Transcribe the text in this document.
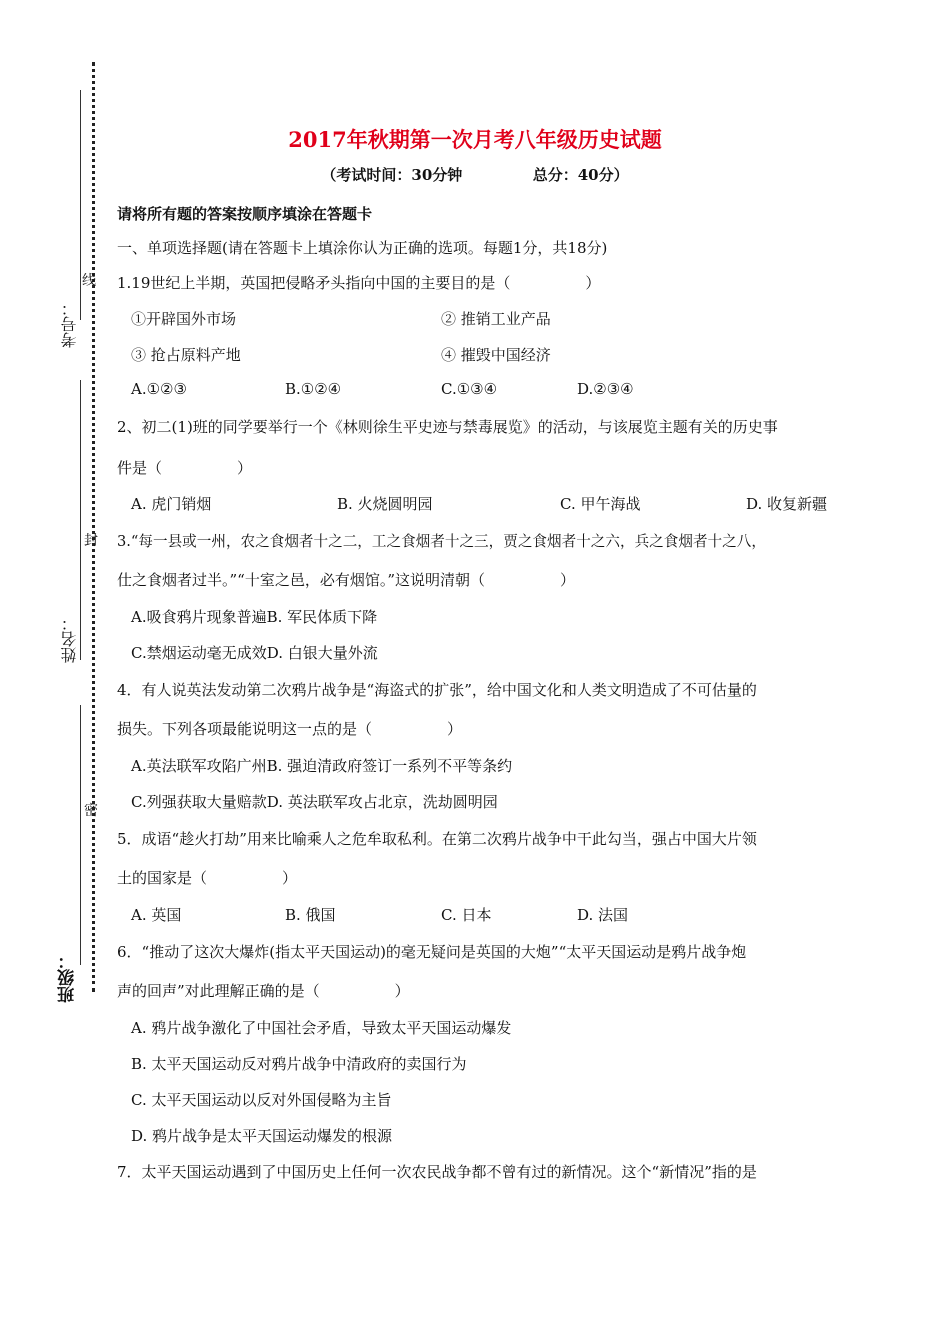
考号：
线
姓名：
封
班级：
密
2017年秋期第一次月考八年级历史试题
（考试时间：30分钟	总分：40分）
请将所有题的答案按顺序填涂在答题卡
一、单项选择题(请在答题卡上填涂你认为正确的选项。每题1分，共18分)
1.19世纪上半期，英国把侵略矛头指向中国的主要目的是（　　　　　）
①开辟国外市场	② 推销工业产品
③ 抢占原料产地	④ 摧毁中国经济
A.①②③	B.①②④	C.①③④	D.②③④
2、初二(1)班的同学要举行一个《林则徐生平史迹与禁毒展览》的活动，与该展览主题有关的历史事
件是（　　　　　）
A. 虎门销烟	B. 火烧圆明园	C. 甲午海战	D. 收复新疆
3.“每一县或一州，农之食烟者十之二，工之食烟者十之三，贾之食烟者十之六，兵之食烟者十之八，
仕之食烟者过半。”“十室之邑，必有烟馆。”这说明清朝（　　　　　）
A.吸食鸦片现象普遍B. 军民体质下降
C.禁烟运动毫无成效D. 白银大量外流
4．有人说英法发动第二次鸦片战争是“海盗式的扩张”，给中国文化和人类文明造成了不可估量的
损失。下列各项最能说明这一点的是（　　　　　）
A.英法联军攻陷广州B. 强迫清政府签订一系列不平等条约
C.列强获取大量赔款D. 英法联军攻占北京，洗劫圆明园
5．成语“趁火打劫”用来比喻乘人之危牟取私利。在第二次鸦片战争中干此勾当，强占中国大片领
土的国家是（　　　　　）
A. 英国	B. 俄国	C. 日本	D. 法国
6．“推动了这次大爆炸(指太平天国运动)的毫无疑问是英国的大炮”“太平天国运动是鸦片战争炮
声的回声”对此理解正确的是（　　　　　）
A. 鸦片战争激化了中国社会矛盾，导致太平天国运动爆发
B. 太平天国运动反对鸦片战争中清政府的卖国行为
C. 太平天国运动以反对外国侵略为主旨
D. 鸦片战争是太平天国运动爆发的根源
7．太平天国运动遇到了中国历史上任何一次农民战争都不曾有过的新情况。这个“新情况”指的是
